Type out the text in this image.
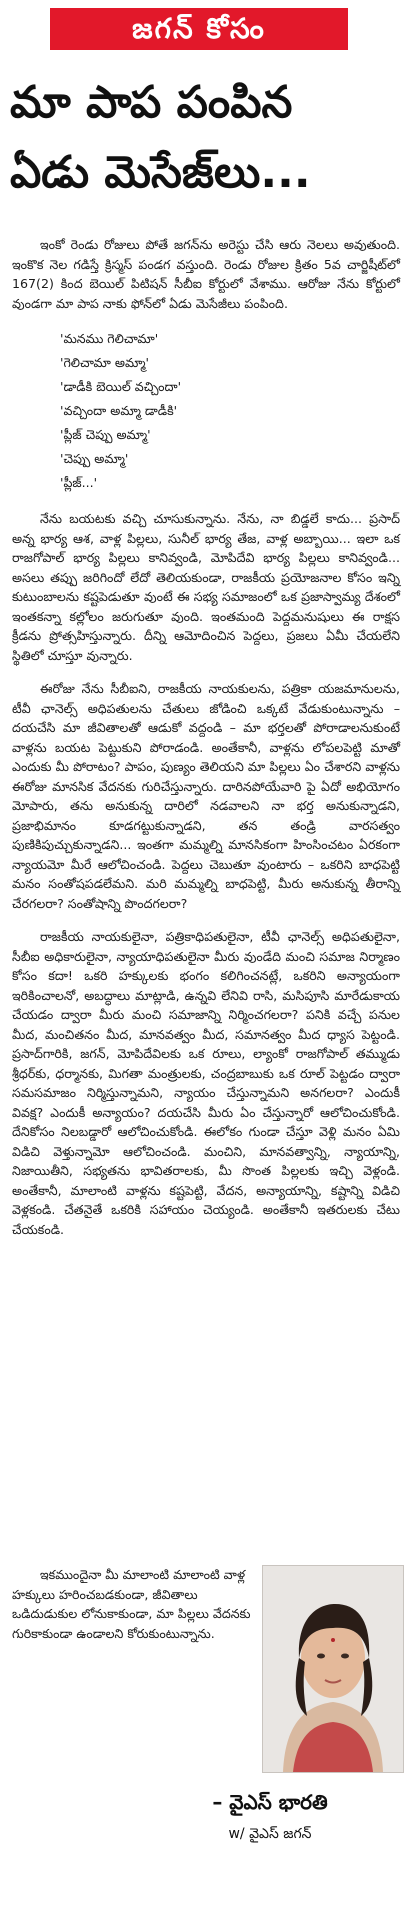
జగన్ కోసం
మా పాప పంపిన
ఏడు మెసేజ్‌లు...

ఇంకో రెండు రోజులు పోతే జగన్‌ను అరెస్టు చేసి ఆరు నెలలు అవుతుంది. ఇంకొక నెల గడిస్తే క్రిస్మస్ పండగ వస్తుంది. రెండు రోజుల క్రితం 5వ చార్జిషీట్‌లో 167(2) కింద బెయిల్ పిటిషన్ సీబీఐ కోర్టులో వేశాము. ఆరోజు నేను కోర్టులో వుండగా మా పాప నాకు ఫోన్‌లో ఏడు మెసేజీలు పంపింది.

'మనము గెలిచామా'
'గెలిచామా అమ్మా'
'డాడీకి బెయిల్ వచ్చిందా'
'వచ్చిందా అమ్మా డాడీకి'
'ప్లీజ్ చెప్పు అమ్మా'
'చెప్పు అమ్మా'
'ప్లీజ్...'

నేను బయటకు వచ్చి చూసుకున్నాను. నేను, నా బిడ్డలే కాదు... ప్రసాద్ అన్న భార్య ఆశ, వాళ్ల పిల్లలు, సునీల్ భార్య తేజ, వాళ్ల అబ్బాయి... ఇలా ఒక రాజగోపాల్ భార్య పిల్లలు కానివ్వండి, మోపిదేవి భార్య పిల్లలు కానివ్వండి... అసలు తప్పు జరిగిందో లేదో తెలియకుండా, రాజకీయ ప్రయోజనాల కోసం ఇన్ని కుటుంబాలను కష్టపెడుతూ వుంటే ఈ సభ్య సమాజంలో ఒక ప్రజాస్వామ్య దేశంలో ఇంతకన్నా కల్లోలం జరుగుతూ వుంది. ఇంతమంది పెద్దమనుషులు ఈ రాక్షస క్రీడను ప్రోత్సహిస్తున్నారు. దీన్ని ఆమోదించిన పెద్దలు, ప్రజలు ఏమీ చేయలేని స్థితిలో చూస్తూ వున్నారు.

ఈరోజు నేను సీబీఐని, రాజకీయ నాయకులను, పత్రికా యజమానులను, టీవీ ఛానెల్స్ అధిపతులను చేతులు జోడించి ఒక్కటే వేడుకుంటున్నాను – దయచేసి మా జీవితాలతో ఆడుకో వద్దండి – మా భర్తలతో పోరాడాలనుకుంటే వాళ్లను బయట పెట్టుకుని పోరాడండి. అంతేకానీ, వాళ్లను లోపలపెట్టి మాతో ఎందుకు మీ పోరాటం? పాపం, పుణ్యం తెలియని మా పిల్లలు ఏం చేశారని వాళ్లను ఈరోజు మానసిక వేదనకు గురిచేస్తున్నారు. దారినపోయేవారి పై ఏదో అభియోగం మోపారు, తను అనుకున్న దారిలో నడవాలని నా భర్త అనుకున్నాడని, ప్రజాభిమానం కూడగట్టుకున్నాడని, తన తండ్రి వారసత్వం పుణికిపుచ్చుకున్నాడని... ఇంతగా మమ్మల్ని మానసికంగా హింసించటం ఏరకంగా న్యాయమో మీరే ఆలోచించండి. పెద్దలు చెబుతూ వుంటారు – ఒకరిని బాధపెట్టి మనం సంతోషపడలేమని. మరి మమ్మల్ని బాధపెట్టి, మీరు అనుకున్న తీరాన్ని చేరగలరా? సంతోషాన్ని పొందగలరా?

రాజకీయ నాయకులైనా, పత్రికాధిపతులైనా, టీవీ ఛానెల్స్ అధిపతులైనా, సీబీఐ అధికారులైనా, న్యాయాధిపతులైనా మీరు వుండేది మంచి సమాజ నిర్మాణం కోసం కదా! ఒకరి హక్కులకు భంగం కలిగించనట్లే, ఒకరిని అన్యాయంగా ఇరికించాలనో, అబద్ధాలు మాట్లాడి, ఉన్నవి లేనివి రాసి, మసిపూసి మారేడుకాయ చేయడం ద్వారా మీరు మంచి సమాజాన్ని నిర్మించగలరా? పనికి వచ్చే పనుల మీద, మంచితనం మీద, మానవత్వం మీద, సమానత్వం మీద ధ్యాస పెట్టండి. ప్రసాద్‌గారికి, జగన్, మోపిదేవిలకు ఒక రూలు, ల్యాంకో రాజగోపాల్ తమ్ముడు శ్రీధర్‌కు, ధర్మానకు, మిగతా మంత్రులకు, చంద్రబాబుకు ఒక రూల్ పెట్టడం ద్వారా సమసమాజం నిర్మిస్తున్నామని, న్యాయం చేస్తున్నామని అనగలరా? ఎందుకీ వివక్ష? ఎందుకీ అన్యాయం? దయచేసి మీరు ఏం చేస్తున్నారో ఆలోచించుకోండి. దేనికోసం నిలబడ్డారో ఆలోచించుకోండి. ఈలోకం గుండా చేస్తూ వెళ్లి మనం ఏమి విడిచి వెళ్తున్నామో ఆలోచించండి. మంచిని, మానవత్వాన్ని, న్యాయాన్ని, నిజాయితీని, సభ్యతను భావితరాలకు, మీ సొంత పిల్లలకు ఇచ్చి వెళ్లండి. అంతేకానీ, మాలాంటి వాళ్లను కష్టపెట్టి, వేదన, అన్యాయాన్ని, కష్టాన్ని విడిచి వెళ్లకండి. చేతనైతే ఒకరికి సహాయం చెయ్యండి. అంతేకానీ ఇతరులకు చేటు చేయకండి.

ఇకముందైనా మీ మాలాంటి మాలాంటి వాళ్ల హక్కులు హరించబడకుండా, జీవితాలు ఒడిదుడుకుల లోనుకాకుండా, మా పిల్లలు వేదనకు గురికాకుండా ఉండాలని కోరుకుంటున్నాను.

– వైఎస్ భారతి
w/ వైఎస్ జగన్
